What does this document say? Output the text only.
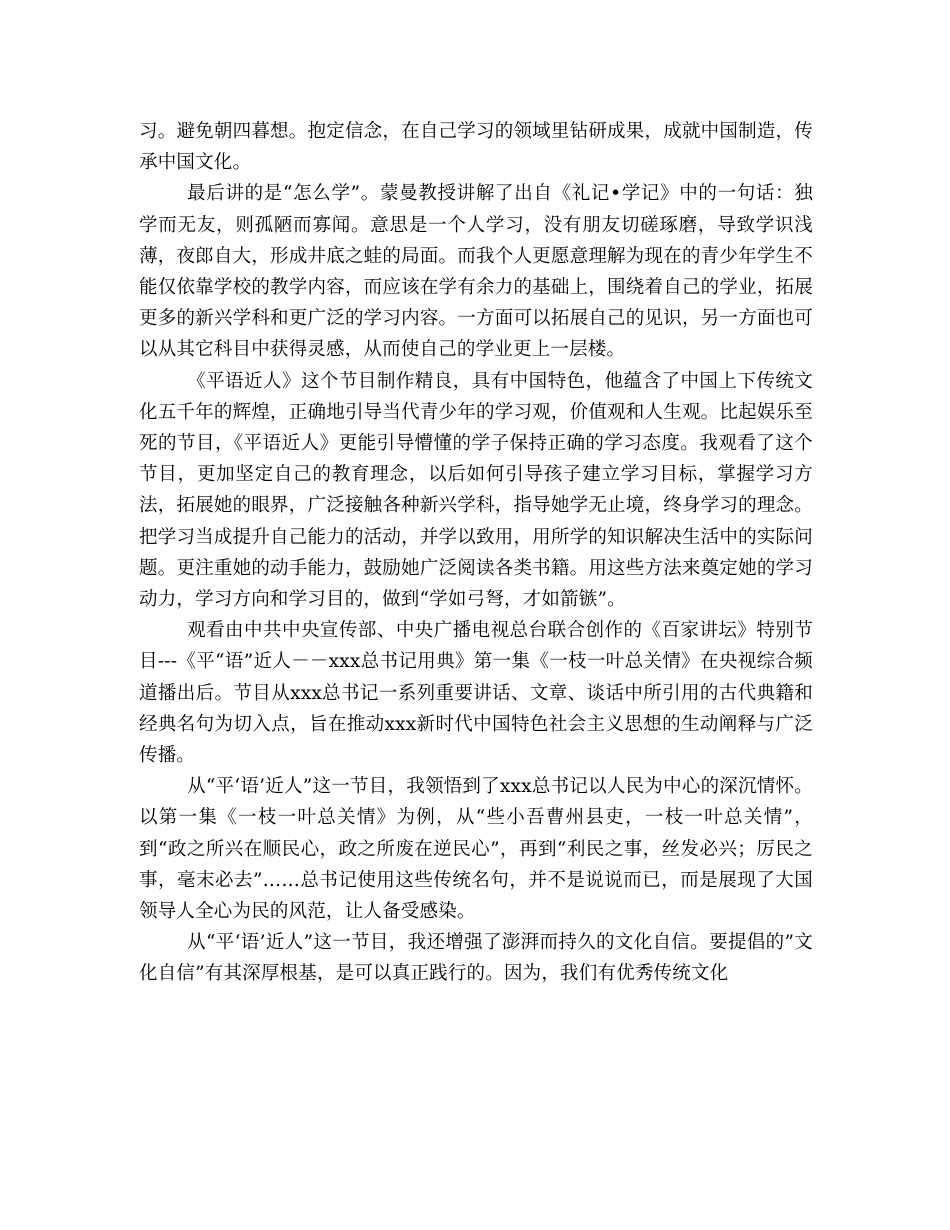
习。避免朝四暮想。抱定信念，在自己学习的领域里钻研成果，成就中国制造，传承中国文化。

最后讲的是“怎么学”。蒙曼教授讲解了出自《礼记•学记》中的一句话：独学而无友，则孤陋而寡闻。意思是一个人学习，没有朋友切磋琢磨，导致学识浅薄，夜郎自大，形成井底之蛙的局面。而我个人更愿意理解为现在的青少年学生不能仅依靠学校的教学内容，而应该在学有余力的基础上，围绕着自己的学业，拓展更多的新兴学科和更广泛的学习内容。一方面可以拓展自己的见识，另一方面也可以从其它科目中获得灵感，从而使自己的学业更上一层楼。

《平语近人》这个节目制作精良，具有中国特色，他蕴含了中国上下传统文化五千年的辉煌，正确地引导当代青少年的学习观，价值观和人生观。比起娱乐至死的节目，《平语近人》更能引导懵懂的学子保持正确的学习态度。我观看了这个节目，更加坚定自己的教育理念，以后如何引导孩子建立学习目标，掌握学习方法，拓展她的眼界，广泛接触各种新兴学科，指导她学无止境，终身学习的理念。把学习当成提升自己能力的活动，并学以致用，用所学的知识解决生活中的实际问题。更注重她的动手能力，鼓励她广泛阅读各类书籍。用这些方法来奠定她的学习动力，学习方向和学习目的，做到“学如弓弩，才如箭镞”。

观看由中共中央宣传部、中央广播电视总台联合创作的《百家讲坛》特别节目---《平“语”近人－－xxx总书记用典》第一集《一枝一叶总关情》在央视综合频道播出后。节目从xxx总书记一系列重要讲话、文章、谈话中所引用的古代典籍和经典名句为切入点，旨在推动xxx新时代中国特色社会主义思想的生动阐释与广泛传播。

从“平‘语’近人”这一节目，我领悟到了xxx总书记以人民为中心的深沉情怀。以第一集《一枝一叶总关情》为例，从“些小吾曹州县吏，一枝一叶总关情”，到“政之所兴在顺民心，政之所废在逆民心”，再到“利民之事，丝发必兴；厉民之事，毫末必去”……总书记使用这些传统名句，并不是说说而已，而是展现了大国领导人全心为民的风范，让人备受感染。

从“平‘语’近人”这一节目，我还增强了澎湃而持久的文化自信。要提倡的”文化自信”有其深厚根基，是可以真正践行的。因为，我们有优秀传统文化
